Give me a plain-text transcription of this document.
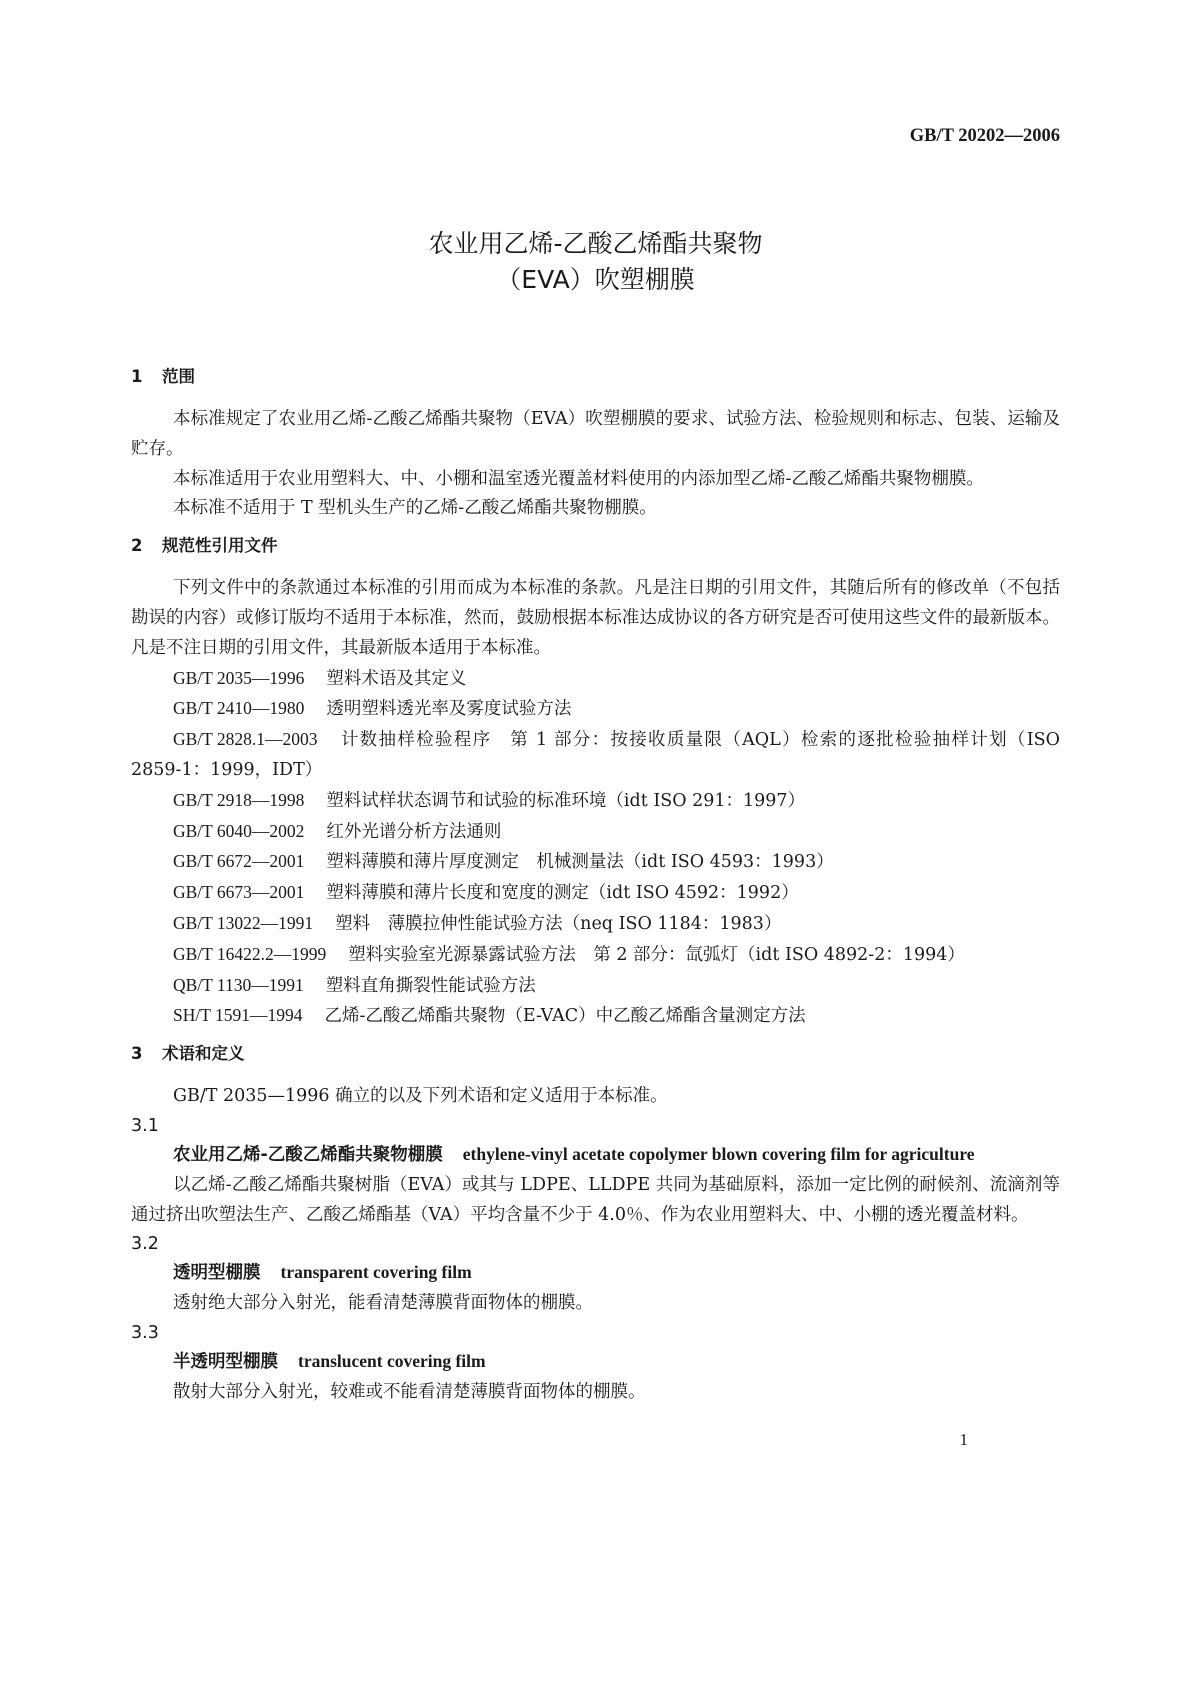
GB/T 20202—2006
农业用乙烯-乙酸乙烯酯共聚物
（EVA）吹塑棚膜
1 范围
本标准规定了农业用乙烯-乙酸乙烯酯共聚物（EVA）吹塑棚膜的要求、试验方法、检验规则和标志、包装、运输及贮存。
本标准适用于农业用塑料大、中、小棚和温室透光覆盖材料使用的内添加型乙烯-乙酸乙烯酯共聚物棚膜。
本标准不适用于 T 型机头生产的乙烯-乙酸乙烯酯共聚物棚膜。
2 规范性引用文件
下列文件中的条款通过本标准的引用而成为本标准的条款。凡是注日期的引用文件，其随后所有的修改单（不包括勘误的内容）或修订版均不适用于本标准，然而，鼓励根据本标准达成协议的各方研究是否可使用这些文件的最新版本。凡是不注日期的引用文件，其最新版本适用于本标准。
GB/T 2035—1996 塑料术语及其定义
GB/T 2410—1980 透明塑料透光率及雾度试验方法
GB/T 2828.1—2003 计数抽样检验程序　第 1 部分：按接收质量限（AQL）检索的逐批检验抽样计划（ISO 2859-1：1999，IDT）
GB/T 2918—1998 塑料试样状态调节和试验的标准环境（idt ISO 291：1997）
GB/T 6040—2002 红外光谱分析方法通则
GB/T 6672—2001 塑料薄膜和薄片厚度测定　机械测量法（idt ISO 4593：1993）
GB/T 6673—2001 塑料薄膜和薄片长度和宽度的测定（idt ISO 4592：1992）
GB/T 13022—1991 塑料　薄膜拉伸性能试验方法（neq ISO 1184：1983）
GB/T 16422.2—1999 塑料实验室光源暴露试验方法　第 2 部分：氙弧灯（idt ISO 4892-2：1994）
QB/T 1130—1991 塑料直角撕裂性能试验方法
SH/T 1591—1994 乙烯-乙酸乙烯酯共聚物（E-VAC）中乙酸乙烯酯含量测定方法
3 术语和定义
GB/T 2035—1996 确立的以及下列术语和定义适用于本标准。
3.1
农业用乙烯-乙酸乙烯酯共聚物棚膜 ethylene-vinyl acetate copolymer blown covering film for agriculture
以乙烯-乙酸乙烯酯共聚树脂（EVA）或其与 LDPE、LLDPE 共同为基础原料，添加一定比例的耐候剂、流滴剂等通过挤出吹塑法生产、乙酸乙烯酯基（VA）平均含量不少于 4.0％、作为农业用塑料大、中、小棚的透光覆盖材料。
3.2
透明型棚膜 transparent covering film
透射绝大部分入射光，能看清楚薄膜背面物体的棚膜。
3.3
半透明型棚膜 translucent covering film
散射大部分入射光，较难或不能看清楚薄膜背面物体的棚膜。
1
